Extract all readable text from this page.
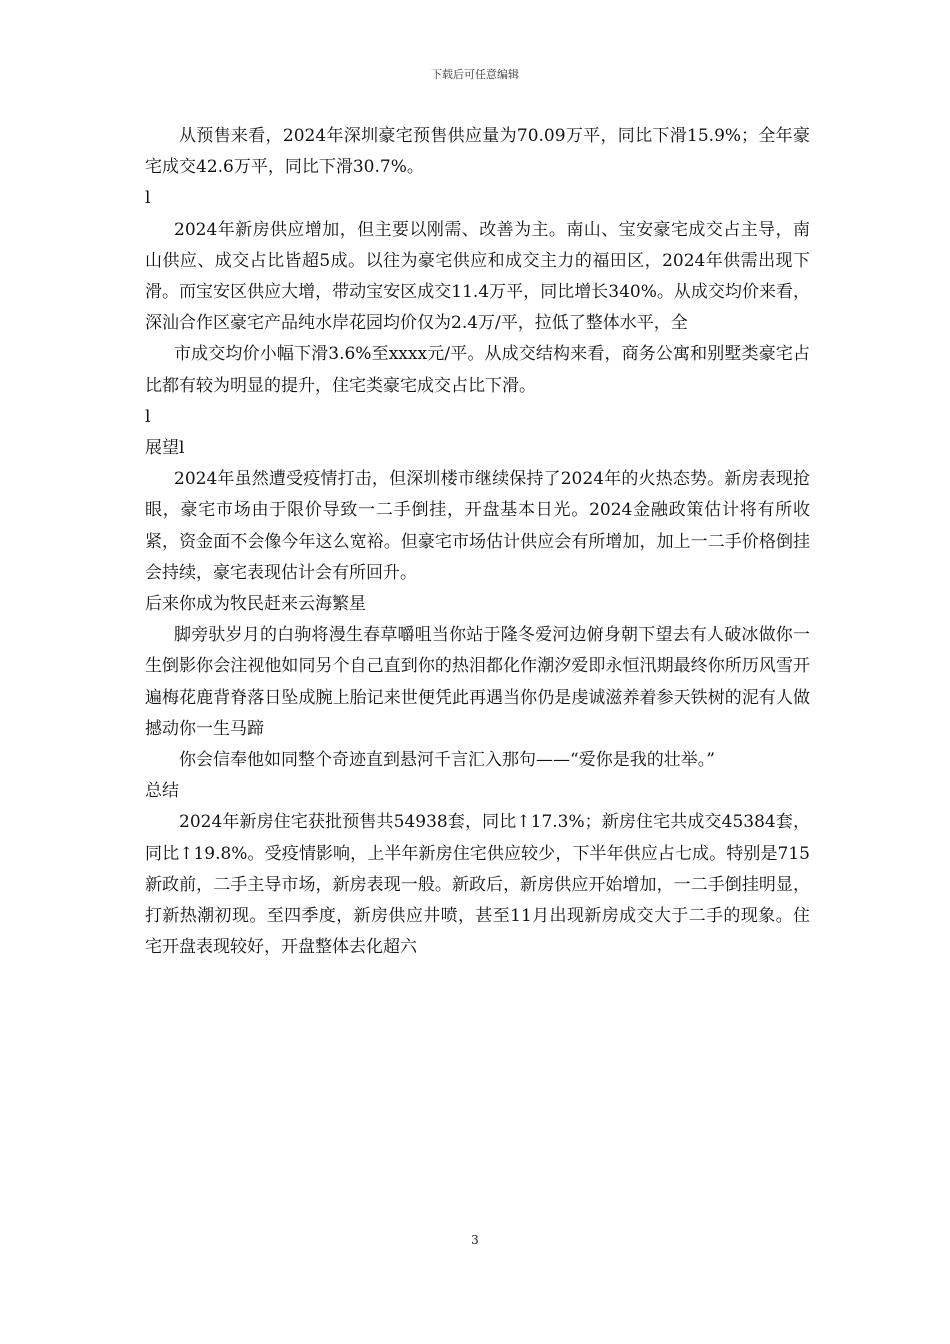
下载后可任意编辑

从预售来看，2024年深圳豪宅预售供应量为70.09万平，同比下滑15.9%；全年豪宅成交42.6万平，同比下滑30.7%。

l

2024年新房供应增加，但主要以刚需、改善为主。南山、宝安豪宅成交占主导，南山供应、成交占比皆超5成。以往为豪宅供应和成交主力的福田区，2024年供需出现下滑。而宝安区供应大增，带动宝安区成交11.4万平，同比增长340%。从成交均价来看，深汕合作区豪宅产品纯水岸花园均价仅为2.4万/平，拉低了整体水平，全

市成交均价小幅下滑3.6%至xxxx元/平。从成交结构来看，商务公寓和别墅类豪宅占比都有较为明显的提升，住宅类豪宅成交占比下滑。

l

展望l

2024年虽然遭受疫情打击，但深圳楼市继续保持了2024年的火热态势。新房表现抢眼，豪宅市场由于限价导致一二手倒挂，开盘基本日光。2024金融政策估计将有所收紧，资金面不会像今年这么宽裕。但豪宅市场估计供应会有所增加，加上一二手价格倒挂会持续，豪宅表现估计会有所回升。

后来你成为牧民赶来云海繁星

脚旁驮岁月的白驹将漫生春草嚼咀当你站于隆冬爱河边俯身朝下望去有人破冰做你一生倒影你会注视他如同另个自己直到你的热泪都化作潮汐爱即永恒汛期最终你所历风雪开遍梅花鹿背脊落日坠成腕上胎记来世便凭此再遇当你仍是虔诚滋养着参天铁树的泥有人做撼动你一生马蹄

你会信奉他如同整个奇迹直到悬河千言汇入那句——“爱你是我的壮举。”

总结

2024年新房住宅获批预售共54938套，同比↑17.3%；新房住宅共成交45384套，同比↑19.8%。受疫情影响，上半年新房住宅供应较少，下半年供应占七成。特别是715新政前，二手主导市场，新房表现一般。新政后，新房供应开始增加，一二手倒挂明显，打新热潮初现。至四季度，新房供应井喷，甚至11月出现新房成交大于二手的现象。住宅开盘表现较好，开盘整体去化超六

3
